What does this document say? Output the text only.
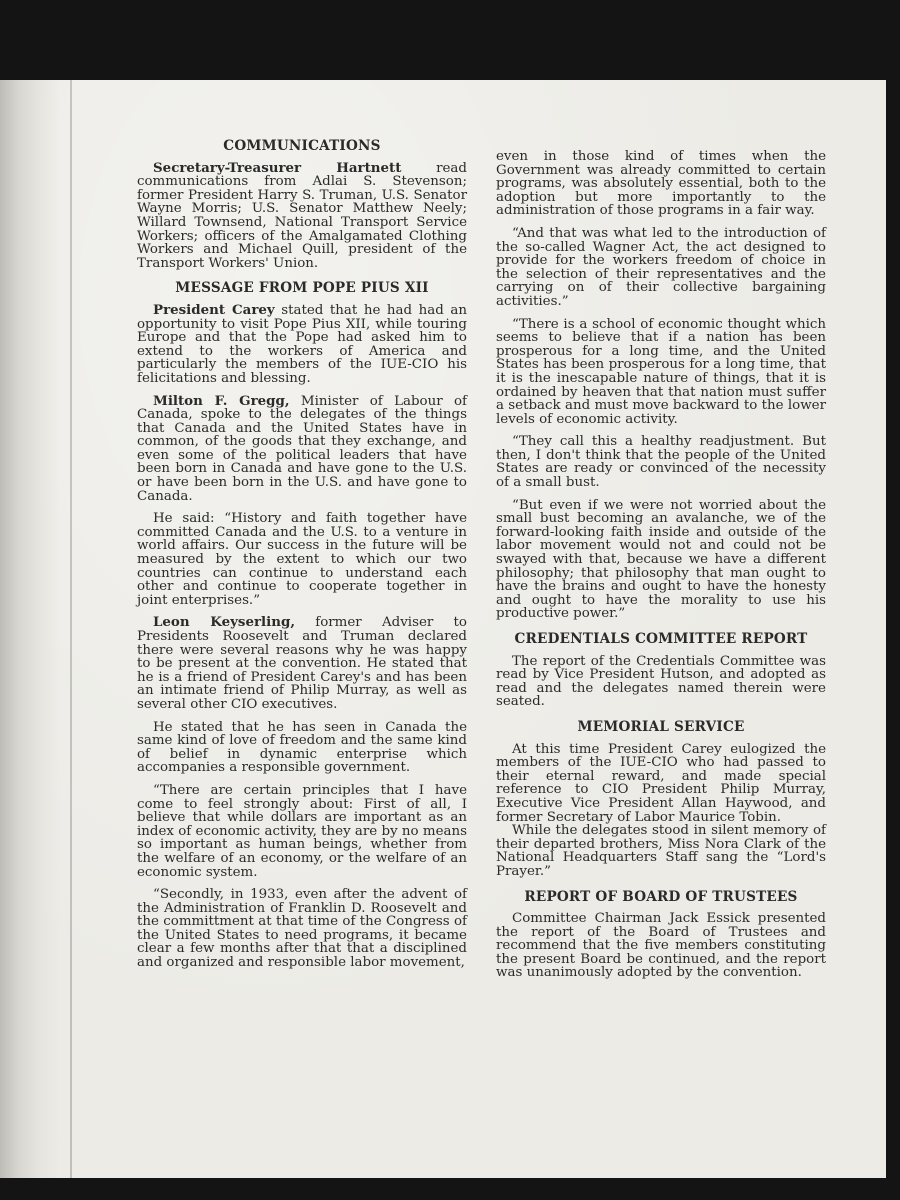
COMMUNICATIONS

Secretary-Treasurer Hartnett read communications from Adlai S. Stevenson; former President Harry S. Truman, U.S. Senator Wayne Morris; U.S. Senator Matthew Neely; Willard Townsend, National Transport Service Workers; officers of the Amalgamated Clothing Workers and Michael Quill, president of the Transport Workers' Union.

MESSAGE FROM POPE PIUS XII

President Carey stated that he had had an opportunity to visit Pope Pius XII, while touring Europe and that the Pope had asked him to extend to the workers of America and particularly the members of the IUE-CIO his felicitations and blessing.

Milton F. Gregg, Minister of Labour of Canada, spoke to the delegates of the things that Canada and the United States have in common, of the goods that they exchange, and even some of the political leaders that have been born in Canada and have gone to the U.S. or have been born in the U.S. and have gone to Canada.

He said: “History and faith together have committed Canada and the U.S. to a venture in world affairs. Our success in the future will be measured by the extent to which our two countries can continue to understand each other and continue to cooperate together in joint enterprises.”

Leon Keyserling, former Adviser to Presidents Roosevelt and Truman declared there were several reasons why he was happy to be present at the convention. He stated that he is a friend of President Carey's and has been an intimate friend of Philip Murray, as well as several other CIO executives.

He stated that he has seen in Canada the same kind of love of freedom and the same kind of belief in dynamic enterprise which accompanies a responsible government.

“There are certain principles that I have come to feel strongly about: First of all, I believe that while dollars are important as an index of economic activity, they are by no means so important as human beings, whether from the welfare of an economy, or the welfare of an economic system.

“Secondly, in 1933, even after the advent of the Administration of Franklin D. Roosevelt and the committment at that time of the Congress of the United States to need programs, it became clear a few months after that that a disciplined and organized and responsible labor movement,

even in those kind of times when the Government was already committed to certain programs, was absolutely essential, both to the adoption but more importantly to the administration of those programs in a fair way.

“And that was what led to the introduction of the so-called Wagner Act, the act designed to provide for the workers freedom of choice in the selection of their representatives and the carrying on of their collective bargaining activities.”

“There is a school of economic thought which seems to believe that if a nation has been prosperous for a long time, and the United States has been prosperous for a long time, that it is the inescapable nature of things, that it is ordained by heaven that that nation must suffer a setback and must move backward to the lower levels of economic activity.

“They call this a healthy readjustment. But then, I don't think that the people of the United States are ready or convinced of the necessity of a small bust.

“But even if we were not worried about the small bust becoming an avalanche, we of the forward-looking faith inside and outside of the labor movement would not and could not be swayed with that, because we have a different philosophy; that philosophy that man ought to have the brains and ought to have the honesty and ought to have the morality to use his productive power.”

CREDENTIALS COMMITTEE REPORT

The report of the Credentials Committee was read by Vice President Hutson, and adopted as read and the delegates named therein were seated.

MEMORIAL SERVICE

At this time President Carey eulogized the members of the IUE-CIO who had passed to their eternal reward, and made special reference to CIO President Philip Murray, Executive Vice President Allan Haywood, and former Secretary of Labor Maurice Tobin.

While the delegates stood in silent memory of their departed brothers, Miss Nora Clark of the National Headquarters Staff sang the “Lord's Prayer.”

REPORT OF BOARD OF TRUSTEES

Committee Chairman Jack Essick presented the report of the Board of Trustees and recommend that the five members constituting the present Board be continued, and the report was unanimously adopted by the convention.
